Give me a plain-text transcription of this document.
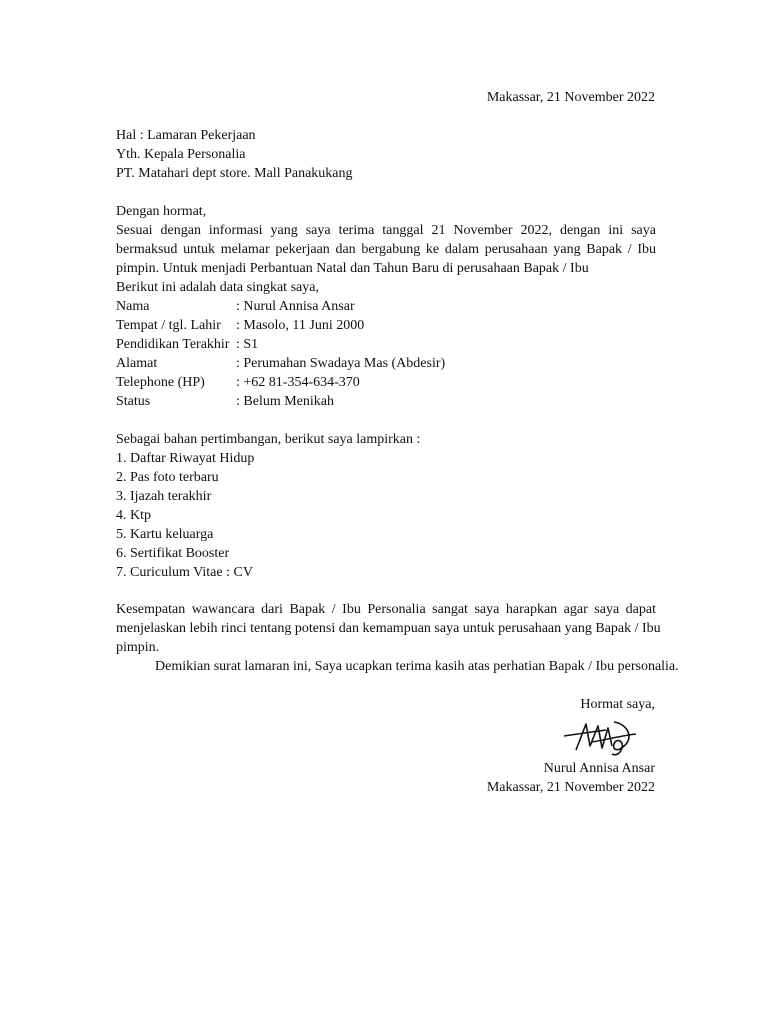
Makassar, 21 November 2022
Hal : Lamaran Pekerjaan
Yth. Kepala Personalia
PT. Matahari dept store. Mall Panakukang
Dengan hormat,
Sesuai dengan informasi yang saya terima tanggal 21 November 2022, dengan ini saya
bermaksud untuk melamar pekerjaan dan bergabung ke dalam perusahaan yang Bapak / Ibu
pimpin. Untuk menjadi Perbantuan Natal dan Tahun Baru di perusahaan Bapak / Ibu
Berikut ini adalah data singkat saya,
Nama	: Nurul Annisa Ansar
Tempat / tgl. Lahir : Masolo, 11 Juni 2000
Pendidikan Terakhir : S1
Alamat	: Perumahan Swadaya Mas (Abdesir)
Telephone (HP) : +62 81-354-634-370
Status	: Belum Menikah
Sebagai bahan pertimbangan, berikut saya lampirkan :
1. Daftar Riwayat Hidup
2. Pas foto terbaru
3. Ijazah terakhir
4. Ktp
5. Kartu keluarga
6. Sertifikat Booster
7. Curiculum Vitae : CV
Kesempatan wawancara dari Bapak / Ibu Personalia sangat saya harapkan agar saya dapat
menjelaskan lebih rinci tentang potensi dan kemampuan saya untuk perusahaan yang Bapak / Ibu
pimpin.
Demikian surat lamaran ini, Saya ucapkan terima kasih atas perhatian Bapak / Ibu personalia.
Hormat saya,
Nurul Annisa Ansar
Makassar, 21 November 2022
